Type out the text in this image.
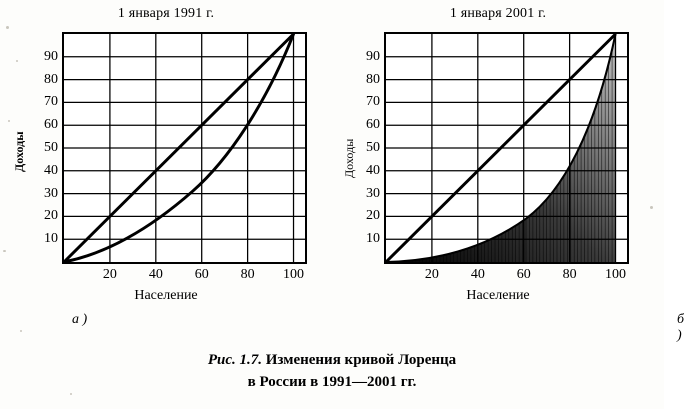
1 января 1991 г.
Доходы
90
80
70
60
50
40
30
20
10
20 40 60 80 100
Население
а )
1 января 2001 г.
90
80
70
60
50
40
30
20
10
20 40 60 80 100
Население
б )
Доходы
Рис. 1.7. Изменения кривой Лоренца
в России в 1991—2001 гг.
